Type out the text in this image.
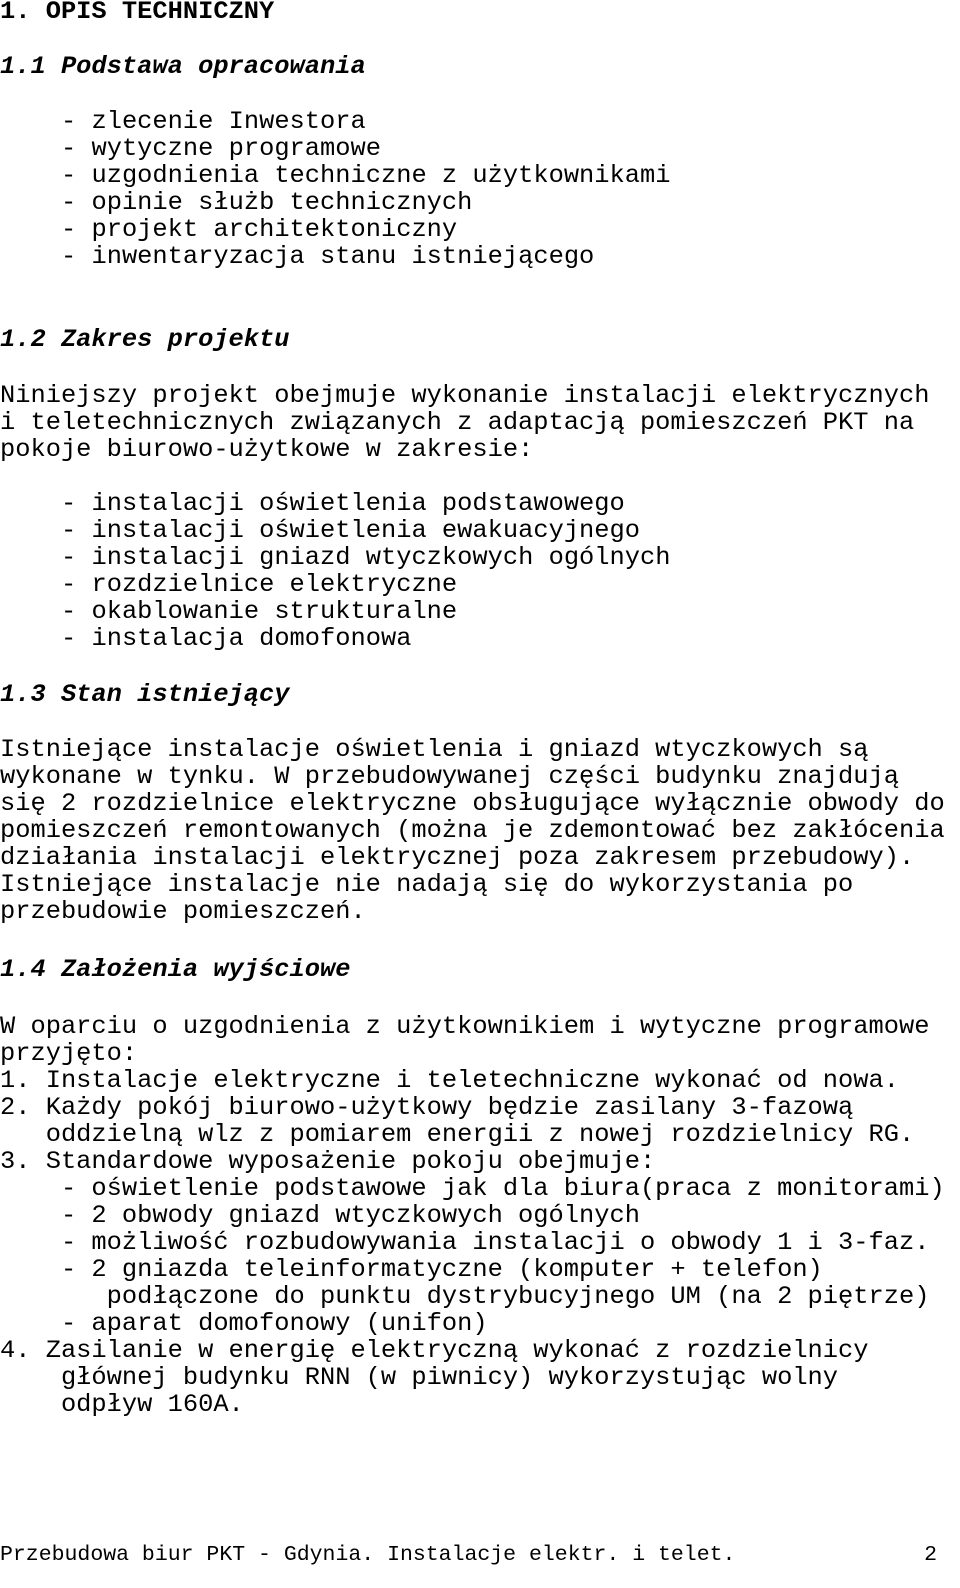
1. OPIS TECHNICZNY
1.1 Podstawa opracowania
- zlecenie Inwestora
- wytyczne programowe
- uzgodnienia techniczne z użytkownikami
- opinie służb technicznych
- projekt architektoniczny
- inwentaryzacja stanu istniejącego
1.2 Zakres projektu
Niniejszy projekt obejmuje wykonanie instalacji elektrycznych
i teletechnicznych związanych z adaptacją pomieszczeń PKT na
pokoje biurowo-użytkowe w zakresie:
- instalacji oświetlenia podstawowego
- instalacji oświetlenia ewakuacyjnego
- instalacji gniazd wtyczkowych ogólnych
- rozdzielnice elektryczne
- okablowanie strukturalne
- instalacja domofonowa
1.3 Stan istniejący
Istniejące instalacje oświetlenia i gniazd wtyczkowych są
wykonane w tynku. W przebudowywanej części budynku znajdują
się 2 rozdzielnice elektryczne obsługujące wyłącznie obwody do
pomieszczeń remontowanych (można je zdemontować bez zakłócenia
działania instalacji elektrycznej poza zakresem przebudowy).
Istniejące instalacje nie nadają się do wykorzystania po
przebudowie pomieszczeń.
1.4 Założenia wyjściowe
W oparciu o uzgodnienia z użytkownikiem i wytyczne programowe
przyjęto:
1. Instalacje elektryczne i teletechniczne wykonać od nowa.
2. Każdy pokój biurowo-użytkowy będzie zasilany 3-fazową
oddzielną wlz z pomiarem energii z nowej rozdzielnicy RG.
3. Standardowe wyposażenie pokoju obejmuje:
- oświetlenie podstawowe jak dla biura(praca z monitorami)
- 2 obwody gniazd wtyczkowych ogólnych
- możliwość rozbudowywania instalacji o obwody 1 i 3-faz.
- 2 gniazda teleinformatyczne (komputer + telefon)
podłączone do punktu dystrybucyjnego UM (na 2 piętrze)
- aparat domofonowy (unifon)
4. Zasilanie w energię elektryczną wykonać z rozdzielnicy
głównej budynku RNN (w piwnicy) wykorzystując wolny
odpływ 160A.
Przebudowa biur PKT - Gdynia. Instalacje elektr. i telet.	2
